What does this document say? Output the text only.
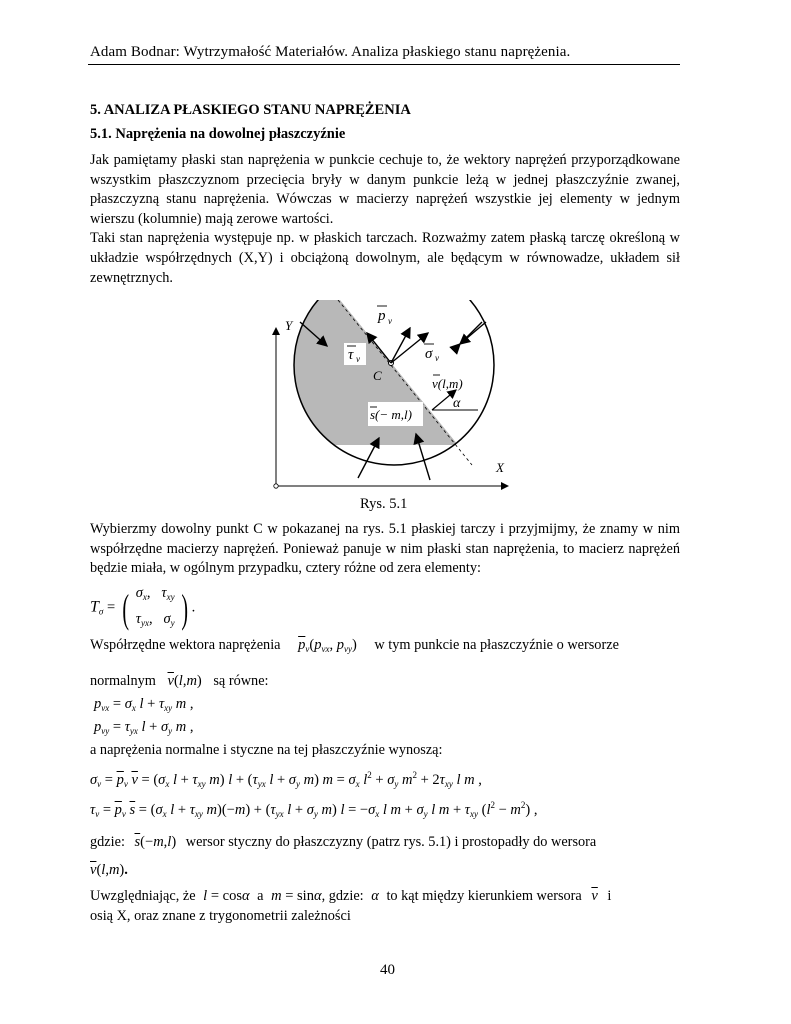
Adam Bodnar: Wytrzymałość Materiałów. Analiza płaskiego stanu naprężenia.
5. ANALIZA PŁASKIEGO STANU NAPRĘŻENIA
5.1. Naprężenia na dowolnej płaszczyźnie

Jak pamiętamy płaski stan naprężenia w punkcie cechuje to, że wektory naprężeń przyporządkowane wszystkim płaszczyznom przecięcia bryły w danym punkcie leżą w jednej płaszczyźnie zwanej, płaszczyzną stanu naprężenia. Wówczas w macierzy naprężeń wszystkie jej elementy w jednym wierszu (kolumnie) mają zerowe wartości.

Taki stan naprężenia występuje np. w płaskich tarczach. Rozważmy zatem płaską tarczę określoną w układzie współrzędnych (X,Y) i obciążoną dowolnym, ale będącym w równowadze, układem sił zewnętrznych.

Y
X
p ν
τ ν	σ ν
C
ν(l,m)
α
s(− m,l)
Rys. 5.1

Wybierzmy dowolny punkt C w pokazanej na rys. 5.1 płaskiej tarczy i przyjmijmy, że znamy w nim współrzędne macierzy naprężeń. Ponieważ panuje w nim płaski stan naprężenia, to macierz naprężeń będzie miała, w ogólnym przypadku, cztery różne od zera elementy:

$T_\sigma$ = ( $\sigma_x$,   $\tau_{xy}$
$\tau_{yx}$,   $\sigma_y$ ) .
Współrzędne wektora naprężenia $\overline{p}_\nu(p_{\nu x}$, $p_{\nu y}$) w tym punkcie na płaszczyźnie o wersorze
normalnym $\overline{\nu}(l,m)$ są równe:
$p_{\nu x} = \sigma_x$ $l + \tau_{xy}$ m ,
$p_{\nu y} = \tau_{yx}$ $l + \sigma_y$ m ,
a naprężenia normalne i styczne na tej płaszczyźnie wynoszą:
$\sigma_\nu = \overline{p}_\nu$ $\overline{\nu} = (\sigma_x$ $l + \tau_{xy}$ m) $l + (\tau_{yx}$ $l + \sigma_y$ m) $m = \sigma_x$ $l^2 + \sigma_y$ $m^2 + 2\tau_{xy}$ l m ,
$\tau_\nu = \overline{p}_\nu$ $\overline{s} = (\sigma_x$ $l + \tau_{xy}$ $m)(-m) + (\tau_{yx}$ $l + \sigma_y$ m) $l = -\sigma_x$ l $m + \sigma_y$ l $m + \tau_{xy}$ $(l^2 - m^2)$ ,
gdzie: $\overline{s}(-m,l)$ wersor styczny do płaszczyzny (patrz rys. 5.1) i prostopadły do wersora
$\overline{\nu}(l,m)$.
Uwzględniając, że l = cosα a m = sinα, gdzie: α to kąt między kierunkiem wersora $\overline{\nu}$ i
osią X, oraz znane z trygonometrii zależności
40
